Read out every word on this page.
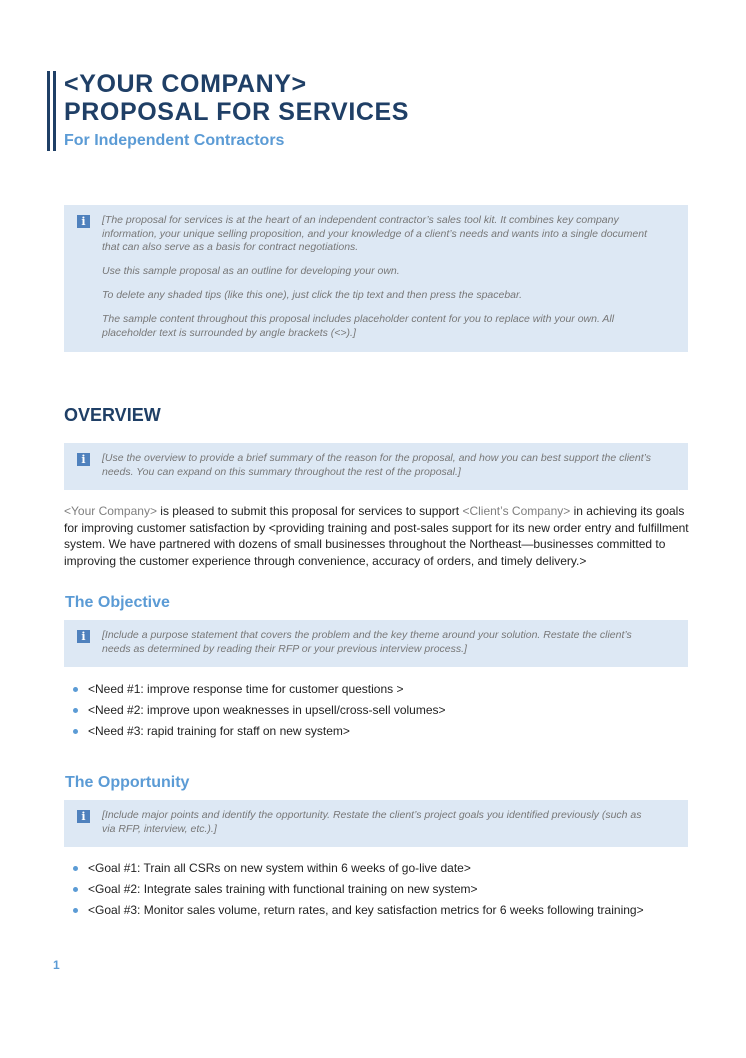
<YOUR COMPANY>
PROPOSAL FOR SERVICES

For Independent Contractors

i	[The proposal for services is at the heart of an independent contractor’s sales tool kit. It combines key company information, your unique selling proposition, and your knowledge of a client’s needs and wants into a single document that can also serve as a basis for contract negotiations.

Use this sample proposal as an outline for developing your own.

To delete any shaded tips (like this one), just click the tip text and then press the spacebar.

The sample content throughout this proposal includes placeholder content for you to replace with your own. All placeholder text is surrounded by angle brackets (<>).]

OVERVIEW
i	[Use the overview to provide a brief summary of the reason for the proposal, and how you can best support the client’s needs. You can expand on this summary throughout the rest of the proposal.]

<Your Company> is pleased to submit this proposal for services to support <Client’s Company> in achieving its goals for improving customer satisfaction by <providing training and post-sales support for its new order entry and fulfillment system. We have partnered with dozens of small businesses throughout the Northeast—businesses committed to improving the customer experience through convenience, accuracy of orders, and timely delivery.>

The Objective
i	[Include a purpose statement that covers the problem and the key theme around your solution. Restate the client’s needs as determined by reading their RFP or your previous interview process.]

<Need #1: improve response time for customer questions >
<Need #2: improve upon weaknesses in upsell/cross-sell volumes>
<Need #3: rapid training for staff on new system>
The Opportunity
i	[Include major points and identify the opportunity. Restate the client’s project goals you identified previously (such as via RFP, interview, etc.).]

<Goal #1: Train all CSRs on new system within 6 weeks of go-live date>
<Goal #2: Integrate sales training with functional training on new system>
<Goal #3: Monitor sales volume, return rates, and key satisfaction metrics for 6 weeks following training>
1
